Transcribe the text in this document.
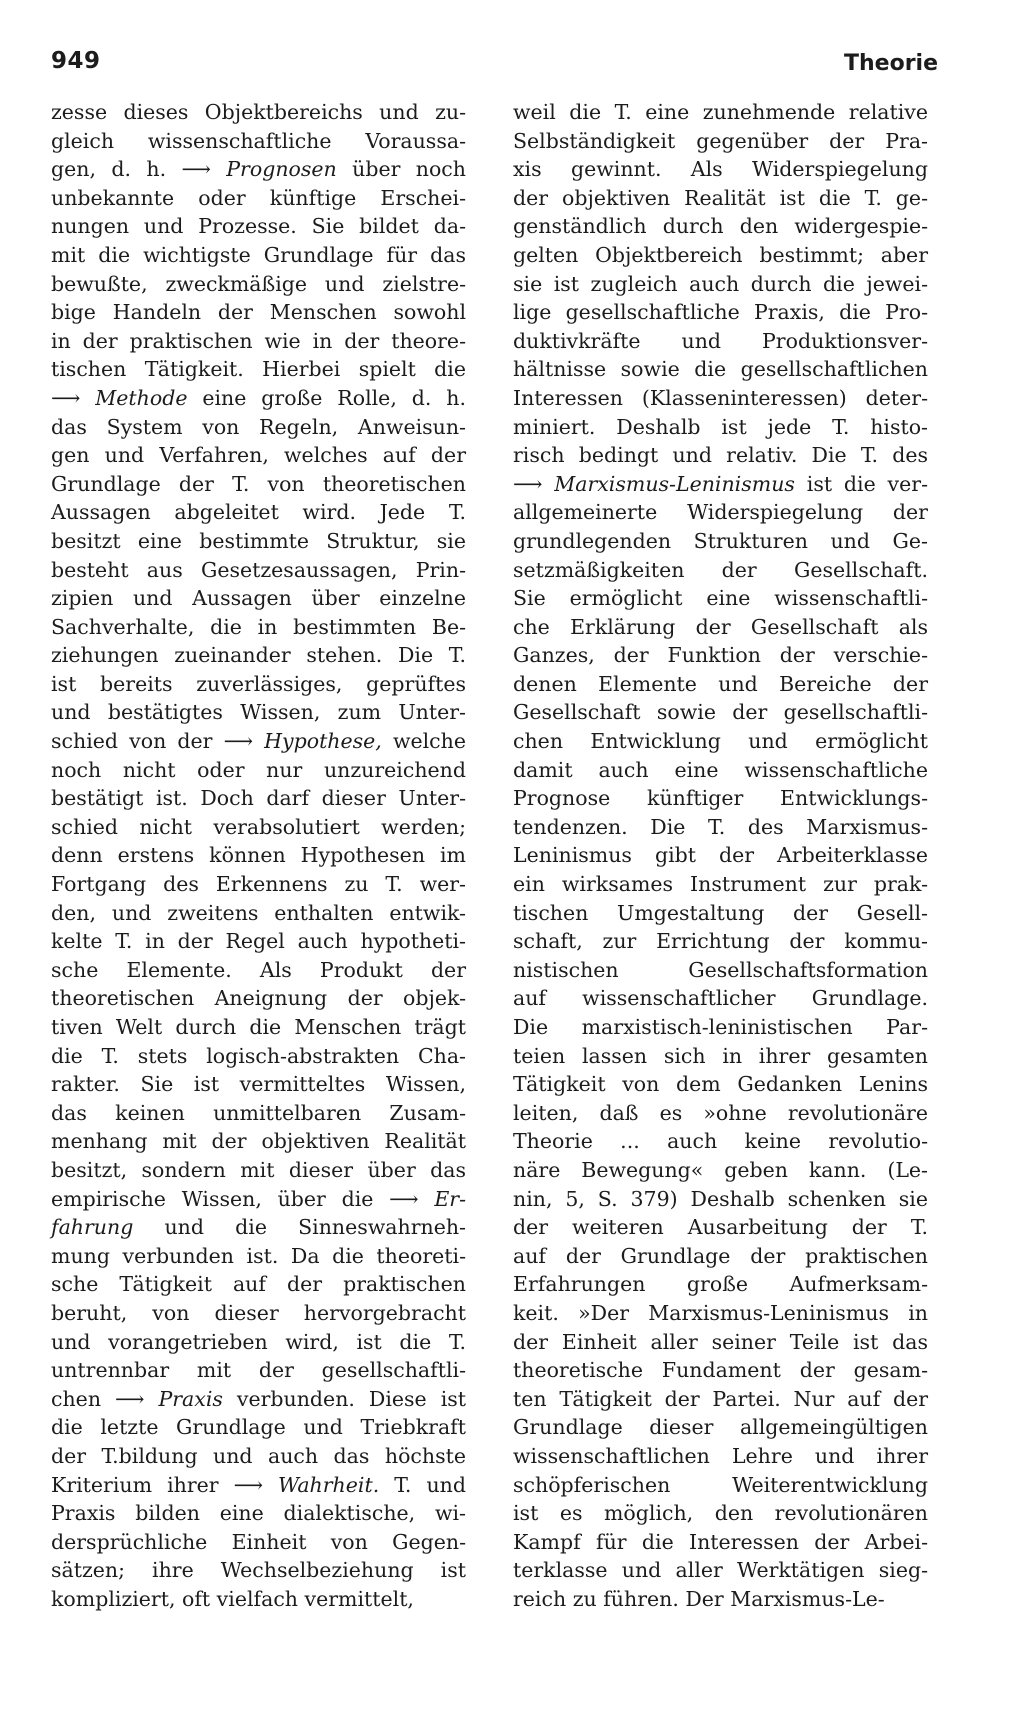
949	Theorie
zesse dieses Objektbereichs und zu-
gleich wissenschaftliche Voraussa-
gen, d. h. ⟶ Prognosen über noch
unbekannte oder künftige Erschei-
nungen und Prozesse. Sie bildet da-
mit die wichtigste Grundlage für das
bewußte, zweckmäßige und zielstre-
bige Handeln der Menschen sowohl
in der praktischen wie in der theore-
tischen Tätigkeit. Hierbei spielt die
⟶ Methode eine große Rolle, d. h.
das System von Regeln, Anweisun-
gen und Verfahren, welches auf der
Grundlage der T. von theoretischen
Aussagen abgeleitet wird. Jede T.
besitzt eine bestimmte Struktur, sie
besteht aus Gesetzesaussagen, Prin-
zipien und Aussagen über einzelne
Sachverhalte, die in bestimmten Be-
ziehungen zueinander stehen. Die T.
ist bereits zuverlässiges, geprüftes
und bestätigtes Wissen, zum Unter-
schied von der ⟶ Hypothese, welche
noch nicht oder nur unzureichend
bestätigt ist. Doch darf dieser Unter-
schied nicht verabsolutiert werden;
denn erstens können Hypothesen im
Fortgang des Erkennens zu T. wer-
den, und zweitens enthalten entwik-
kelte T. in der Regel auch hypotheti-
sche Elemente. Als Produkt der
theoretischen Aneignung der objek-
tiven Welt durch die Menschen trägt
die T. stets logisch-abstrakten Cha-
rakter. Sie ist vermitteltes Wissen,
das keinen unmittelbaren Zusam-
menhang mit der objektiven Realität
besitzt, sondern mit dieser über das
empirische Wissen, über die ⟶ Er-
fahrung und die Sinneswahrneh-
mung verbunden ist. Da die theoreti-
sche Tätigkeit auf der praktischen
beruht, von dieser hervorgebracht
und vorangetrieben wird, ist die T.
untrennbar mit der gesellschaftli-
chen ⟶ Praxis verbunden. Diese ist
die letzte Grundlage und Triebkraft
der T.bildung und auch das höchste
Kriterium ihrer ⟶ Wahrheit. T. und
Praxis bilden eine dialektische, wi-
dersprüchliche Einheit von Gegen-
sätzen; ihre Wechselbeziehung ist
kompliziert, oft vielfach vermittelt,
weil die T. eine zunehmende relative
Selbständigkeit gegenüber der Pra-
xis gewinnt. Als Widerspiegelung
der objektiven Realität ist die T. ge-
genständlich durch den widergespie-
gelten Objektbereich bestimmt; aber
sie ist zugleich auch durch die jewei-
lige gesellschaftliche Praxis, die Pro-
duktivkräfte und Produktionsver-
hältnisse sowie die gesellschaftlichen
Interessen (Klasseninteressen) deter-
miniert. Deshalb ist jede T. histo-
risch bedingt und relativ. Die T. des
⟶ Marxismus-Leninismus ist die ver-
allgemeinerte Widerspiegelung der
grundlegenden Strukturen und Ge-
setzmäßigkeiten der Gesellschaft.
Sie ermöglicht eine wissenschaftli-
che Erklärung der Gesellschaft als
Ganzes, der Funktion der verschie-
denen Elemente und Bereiche der
Gesellschaft sowie der gesellschaftli-
chen Entwicklung und ermöglicht
damit auch eine wissenschaftliche
Prognose künftiger Entwicklungs-
tendenzen. Die T. des Marxismus-
Leninismus gibt der Arbeiterklasse
ein wirksames Instrument zur prak-
tischen Umgestaltung der Gesell-
schaft, zur Errichtung der kommu-
nistischen Gesellschaftsformation
auf wissenschaftlicher Grundlage.
Die marxistisch-leninistischen Par-
teien lassen sich in ihrer gesamten
Tätigkeit von dem Gedanken Lenins
leiten, daß es »ohne revolutionäre
Theorie ... auch keine revolutio-
näre Bewegung« geben kann. (Le-
nin, 5, S. 379) Deshalb schenken sie
der weiteren Ausarbeitung der T.
auf der Grundlage der praktischen
Erfahrungen große Aufmerksam-
keit. »Der Marxismus-Leninismus in
der Einheit aller seiner Teile ist das
theoretische Fundament der gesam-
ten Tätigkeit der Partei. Nur auf der
Grundlage dieser allgemeingültigen
wissenschaftlichen Lehre und ihrer
schöpferischen Weiterentwicklung
ist es möglich, den revolutionären
Kampf für die Interessen der Arbei-
terklasse und aller Werktätigen sieg-
reich zu führen. Der Marxismus-Le-
